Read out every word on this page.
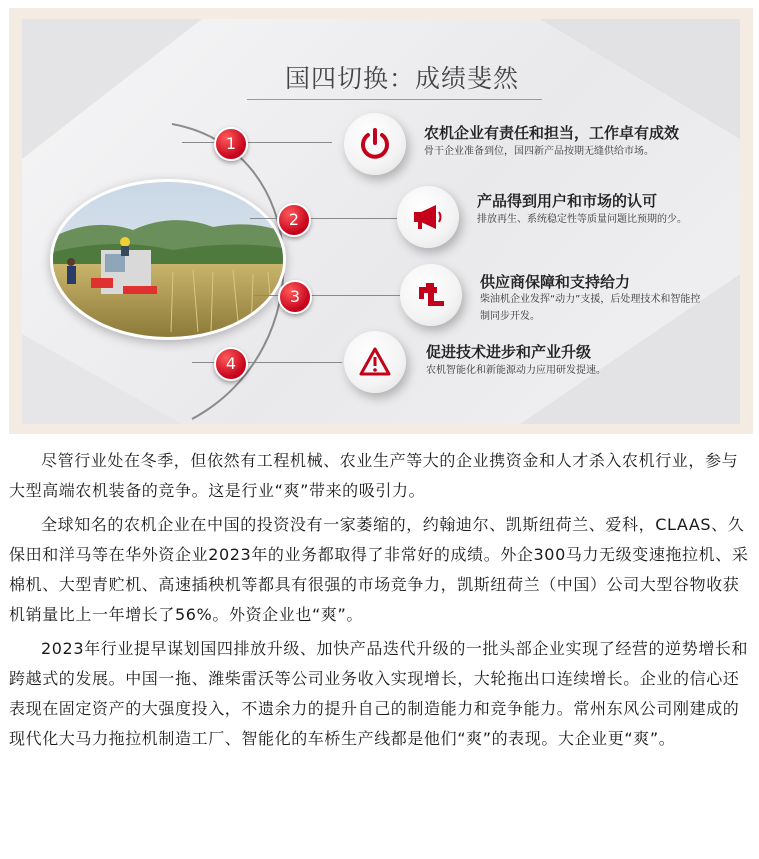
国四切换：成绩斐然
1
2
3
4
农机企业有责任和担当，工作卓有成效
骨干企业准备到位，国四新产品按期无缝供给市场。
产品得到用户和市场的认可
排放再生、系统稳定性等质量问题比预期的少。
供应商保障和支持给力
柴油机企业发挥“动力”支援，后处理技术和智能控制同步开发。
促进技术进步和产业升级
农机智能化和新能源动力应用研发提速。

尽管行业处在冬季，但依然有工程机械、农业生产等大的企业携资金和人才杀入农机行业，参与大型高端农机装备的竞争。这是行业“爽”带来的吸引力。

全球知名的农机企业在中国的投资没有一家萎缩的，约翰迪尔、凯斯纽荷兰、爱科，CLAAS、久保田和洋马等在华外资企业2023年的业务都取得了非常好的成绩。外企300马力无级变速拖拉机、采棉机、大型青贮机、高速插秧机等都具有很强的市场竞争力，凯斯纽荷兰（中国）公司大型谷物收获机销量比上一年增长了56%。外资企业也“爽”。

2023年行业提早谋划国四排放升级、加快产品迭代升级的一批头部企业实现了经营的逆势增长和跨越式的发展。中国一拖、潍柴雷沃等公司业务收入实现增长，大轮拖出口连续增长。企业的信心还表现在固定资产的大强度投入，不遗余力的提升自己的制造能力和竞争能力。常州东风公司刚建成的现代化大马力拖拉机制造工厂、智能化的车桥生产线都是他们“爽”的表现。大企业更“爽”。
